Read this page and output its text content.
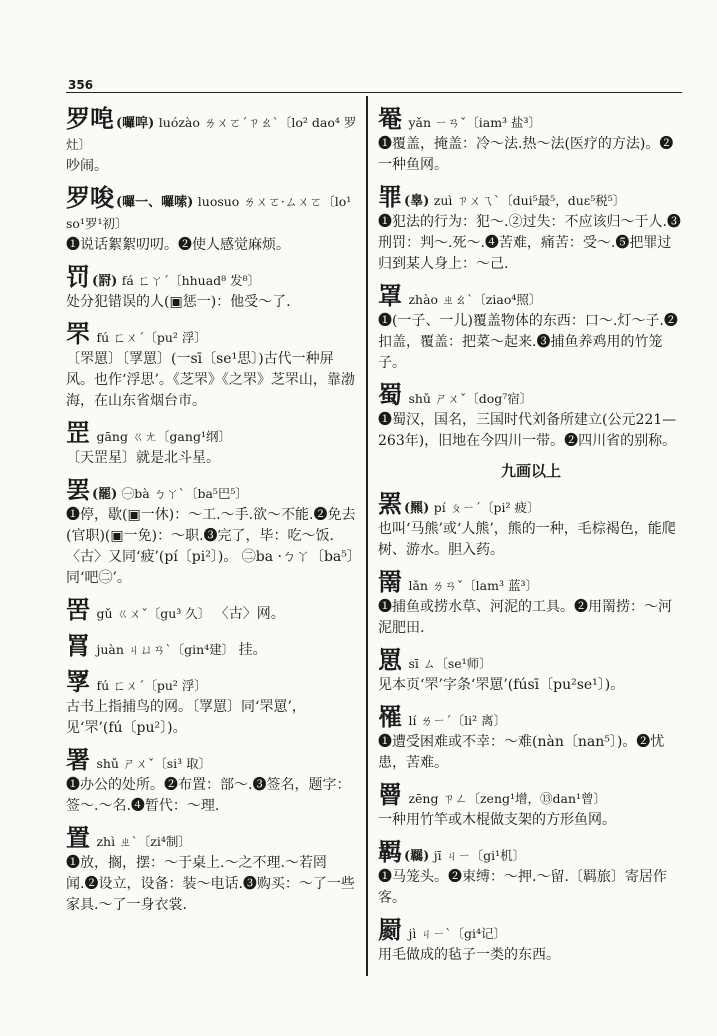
356
罗唣 (囉唕) luózào ㄌㄨㄛˊㄗㄠˋ〔lo² dao⁴ 罗灶〕

吵闹。

罗唆 (囉一、囉嗦) luosuo ㄌㄨㄛ·ㄙㄨㄛ〔lo¹ so¹罗¹初〕

❶说话絮絮叨叨。❷使人感觉麻烦。

罚 (罸) fá ㄈㄚˊ〔hhuad⁸ 发⁸〕

处分犯错误的人(▣惩一)：他受～了.

罘 fú ㄈㄨˊ〔pu² 浮〕

〔罘罳〕〔罦罳〕(一sī〔se¹思〕)古代一种屏风。也作‘浮思’。《芝罘》《之罘》芝罘山，靠渤海，在山东省烟台市。

罡 gāng ㄍㄤ〔gang¹纲〕

〔天罡星〕就是北斗星。

罢 (罷) ㊀bà ㄅㄚˋ〔ba⁵巴⁵〕

❶停，歇(▣一休)：～工.～手.欲～不能.❷免去(官职)(▣一免)：～职.❸完了，毕：吃～饭. 〈古〉又同‘疲’(pí〔pi²〕)。 ㊁ba ·ㄅㄚ〔ba⁵〕同‘吧㊁’。

罟 gǔ ㄍㄨˇ〔gu³ 久〕 〈古〉网。
罥 juàn ㄐㄩㄢˋ〔gin⁴建〕 挂。
罦 fú ㄈㄨˊ〔pu² 浮〕

古书上指捕鸟的网。〔罦罳〕同‘罘罳’，见‘罘’(fú〔pu²〕)。

署 shǔ ㄕㄨˇ〔si³ 取〕

❶办公的处所。❷布置：部～.❸签名，题字：签～.～名.❹暂代：～理.

置 zhì ㄓˋ〔zi⁴制〕

❶放，搁，摆：～于桌上.～之不理.～若罔闻.❷设立，设备：装～电话.❸购买：～了一些家具.～了一身衣裳.

罨 yǎn ㄧㄢˇ〔iam³ 盐³〕

❶覆盖，掩盖：冷～法.热～法(医疗的方法)。❷一种鱼网。

罪 (辠) zuì ㄗㄨㄟˋ〔dui⁵最⁵，duɛ⁵税⁵〕

❶犯法的行为：犯～.②过失：不应该归～于人.❸刑罚：判～.死～.❹苦难，痛苦：受～.❺把罪过归到某人身上：～己.

罩 zhào ㄓㄠˋ〔ziao⁴照〕

❶(一子、一儿)覆盖物体的东西：口～.灯～子.❷扣盖，覆盖：把菜～起来.❸捕鱼养鸡用的竹笼子。

蜀 shǔ ㄕㄨˇ〔dog⁷宿〕

❶蜀汉，国名，三国时代刘备所建立(公元221—263年)，旧地在今四川一带。❷四川省的别称。

九画以上
罴 (羆) pí ㄆㄧˊ〔pi² 疲〕

也叫‘马熊’或‘人熊’，熊的一种，毛棕褐色，能爬树、游水。胆入药。

罱 lǎn ㄌㄢˇ〔lam³ 蓝³〕

❶捕鱼或捞水草、河泥的工具。❷用罱捞：～河泥肥田.

罳 sī ㄙ〔se¹师〕

见本页‘罘’字条‘罘罳’(fúsī〔pu²se¹〕)。

罹 lí ㄌㄧˊ〔li² 离〕

❶遭受困难或不幸：～难(nàn〔nan⁵〕)。❷忧患，苦难。

罾 zēng ㄗㄥ〔zeng¹增，⑬dan¹曾〕

一种用竹竿或木棍做支架的方形鱼网。

羁 (羈) jī ㄐㄧ〔gi¹机〕

❶马笼头。❷束缚：～押.～留.〔羁旅〕寄居作客。

罽 jì ㄐㄧˋ〔gi⁴记〕

用毛做成的毡子一类的东西。
